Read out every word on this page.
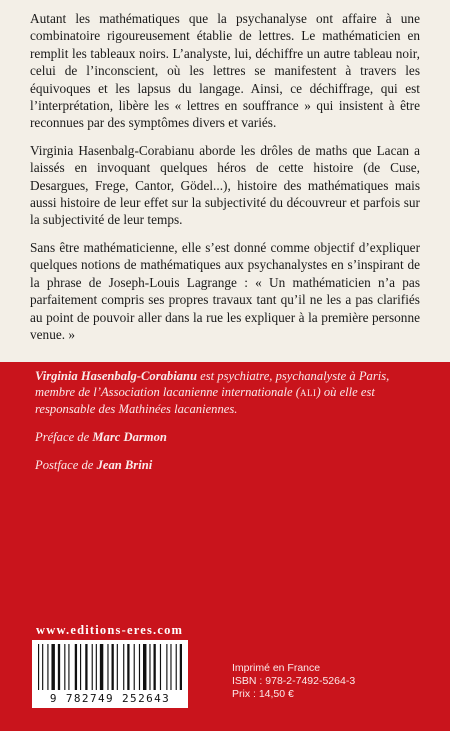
Autant les mathématiques que la psychanalyse ont affaire à une combinatoire rigoureusement établie de lettres. Le mathématicien en remplit les tableaux noirs. L’analyste, lui, déchiffre un autre tableau noir, celui de l’inconscient, où les lettres se manifestent à travers les équivoques et les lapsus du langage. Ainsi, ce déchiffrage, qui est l’interprétation, libère les « lettres en souffrance » qui insistent à être reconnues par des symptômes divers et variés.

Virginia Hasenbalg-Corabianu aborde les drôles de maths que Lacan a laissés en invoquant quelques héros de cette histoire (de Cuse, Desargues, Frege, Cantor, Gödel...), histoire des mathématiques mais aussi histoire de leur effet sur la subjectivité du découvreur et parfois sur la subjectivité de leur temps.

Sans être mathématicienne, elle s’est donné comme objectif d’expliquer quelques notions de mathématiques aux psychanalystes en s’inspirant de la phrase de Joseph-Louis Lagrange : « Un mathématicien n’a pas parfaitement compris ses propres travaux tant qu’il ne les a pas clarifiés au point de pouvoir aller dans la rue les expliquer à la première personne venue. »

Virginia Hasenbalg-Corabianu est psychiatre, psychanalyste à Paris, membre de l’Association lacanienne internationale (ALI) où elle est responsable des Mathinées lacaniennes.

Préface de Marc Darmon

Postface de Jean Brini

www.editions-eres.com
9 782749 252643
Imprimé en France
ISBN : 978-2-7492-5264-3
Prix : 14,50 €
